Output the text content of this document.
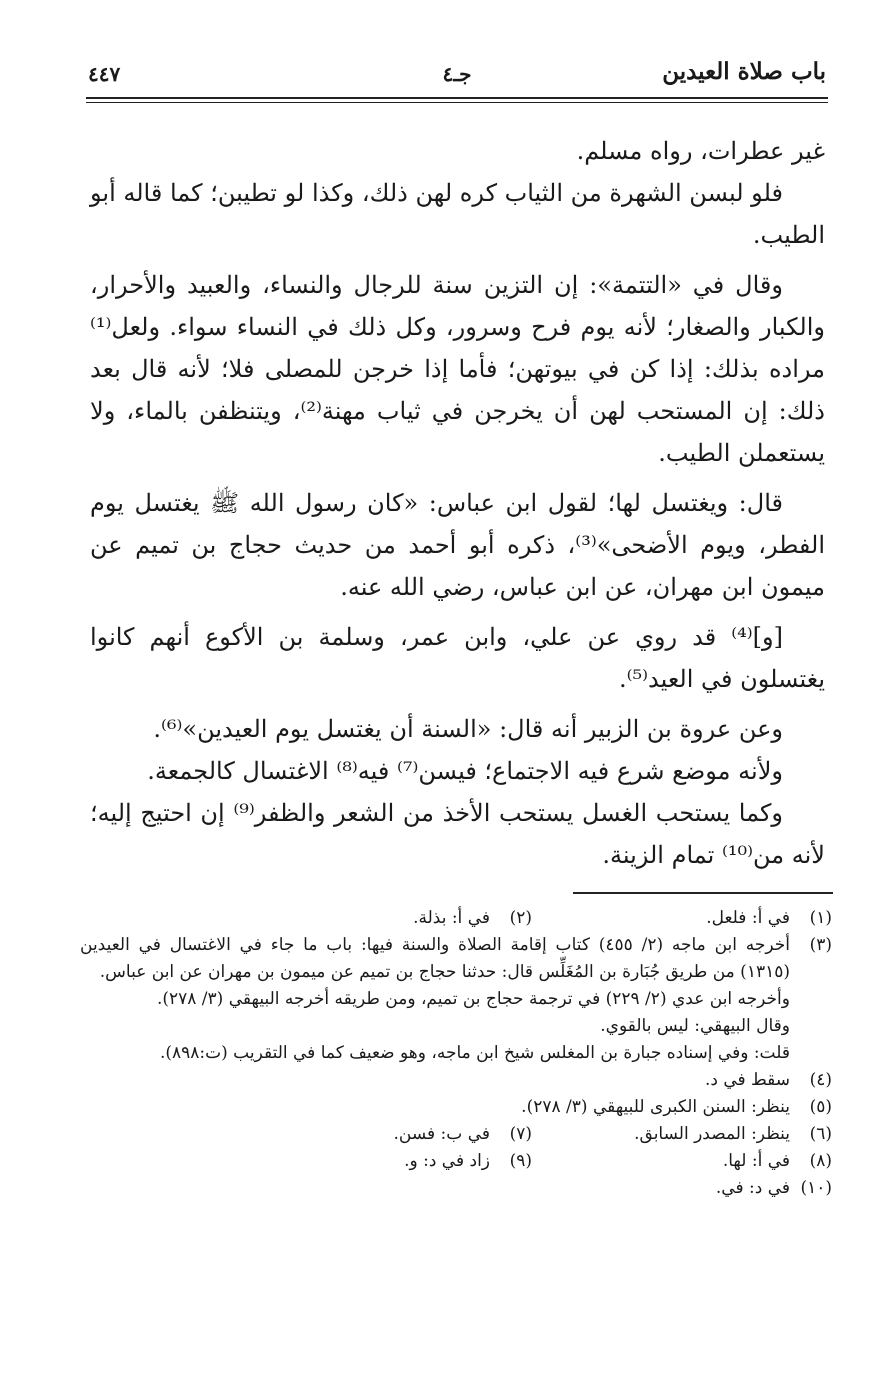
باب صلاة العيدين
جـ٤
٤٤٧

غير عطرات، رواه مسلم.

فلو لبسن الشهرة من الثياب كره لهن ذلك، وكذا لو تطيبن؛ كما قاله أبو الطيب.

وقال في «التتمة»: إن التزين سنة للرجال والنساء، والعبيد والأحرار، والكبار والصغار؛ لأنه يوم فرح وسرور، وكل ذلك في النساء سواء. ولعل⁽¹⁾ مراده بذلك: إذا كن في بيوتهن؛ فأما إذا خرجن للمصلى فلا؛ لأنه قال بعد ذلك: إن المستحب لهن أن يخرجن في ثياب مهنة⁽²⁾، ويتنظفن بالماء، ولا يستعملن الطيب.

قال: ويغتسل لها؛ لقول ابن عباس: «كان رسول الله ﷺ يغتسل يوم الفطر، ويوم الأضحى»⁽³⁾، ذكره أبو أحمد من حديث حجاج بن تميم عن ميمون ابن مهران، عن ابن عباس، رضي الله عنه.

[و]⁽⁴⁾ قد روي عن علي، وابن عمر، وسلمة بن الأكوع أنهم كانوا يغتسلون في العيد⁽⁵⁾.

وعن عروة بن الزبير أنه قال: «السنة أن يغتسل يوم العيدين»⁽⁶⁾.

ولأنه موضع شرع فيه الاجتماع؛ فيسن⁽⁷⁾ فيه⁽⁸⁾ الاغتسال كالجمعة.

وكما يستحب الغسل يستحب الأخذ من الشعر والظفر⁽⁹⁾ إن احتيج إليه؛ لأنه من⁽¹⁰⁾ تمام الزينة.

(١)
في أ: فلعل.
(٢)
في أ: بذلة.
(٣)
أخرجه ابن ماجه (٢/ ٤٥٥) كتاب إقامة الصلاة والسنة فيها: باب ما جاء في الاغتسال في العيدين (١٣١٥) من طريق جُبَارة بن المُغَلِّس قال: حدثنا حجاج بن تميم عن ميمون بن مهران عن ابن عباس.
وأخرجه ابن عدي (٢/ ٢٢٩) في ترجمة حجاج بن تميم، ومن طريقه أخرجه البيهقي (٣/ ٢٧٨).
وقال البيهقي: ليس بالقوي.
قلت: وفي إسناده جبارة بن المغلس شيخ ابن ماجه، وهو ضعيف كما في التقريب (ت:٨٩٨).
(٤)
سقط في د.
(٥)
ينظر: السنن الكبرى للبيهقي (٣/ ٢٧٨).
(٦)
ينظر: المصدر السابق.
(٧)
في ب: فسن.
(٨)
في أ: لها.
(٩)
زاد في د: و.
(١٠)
في د: في.
